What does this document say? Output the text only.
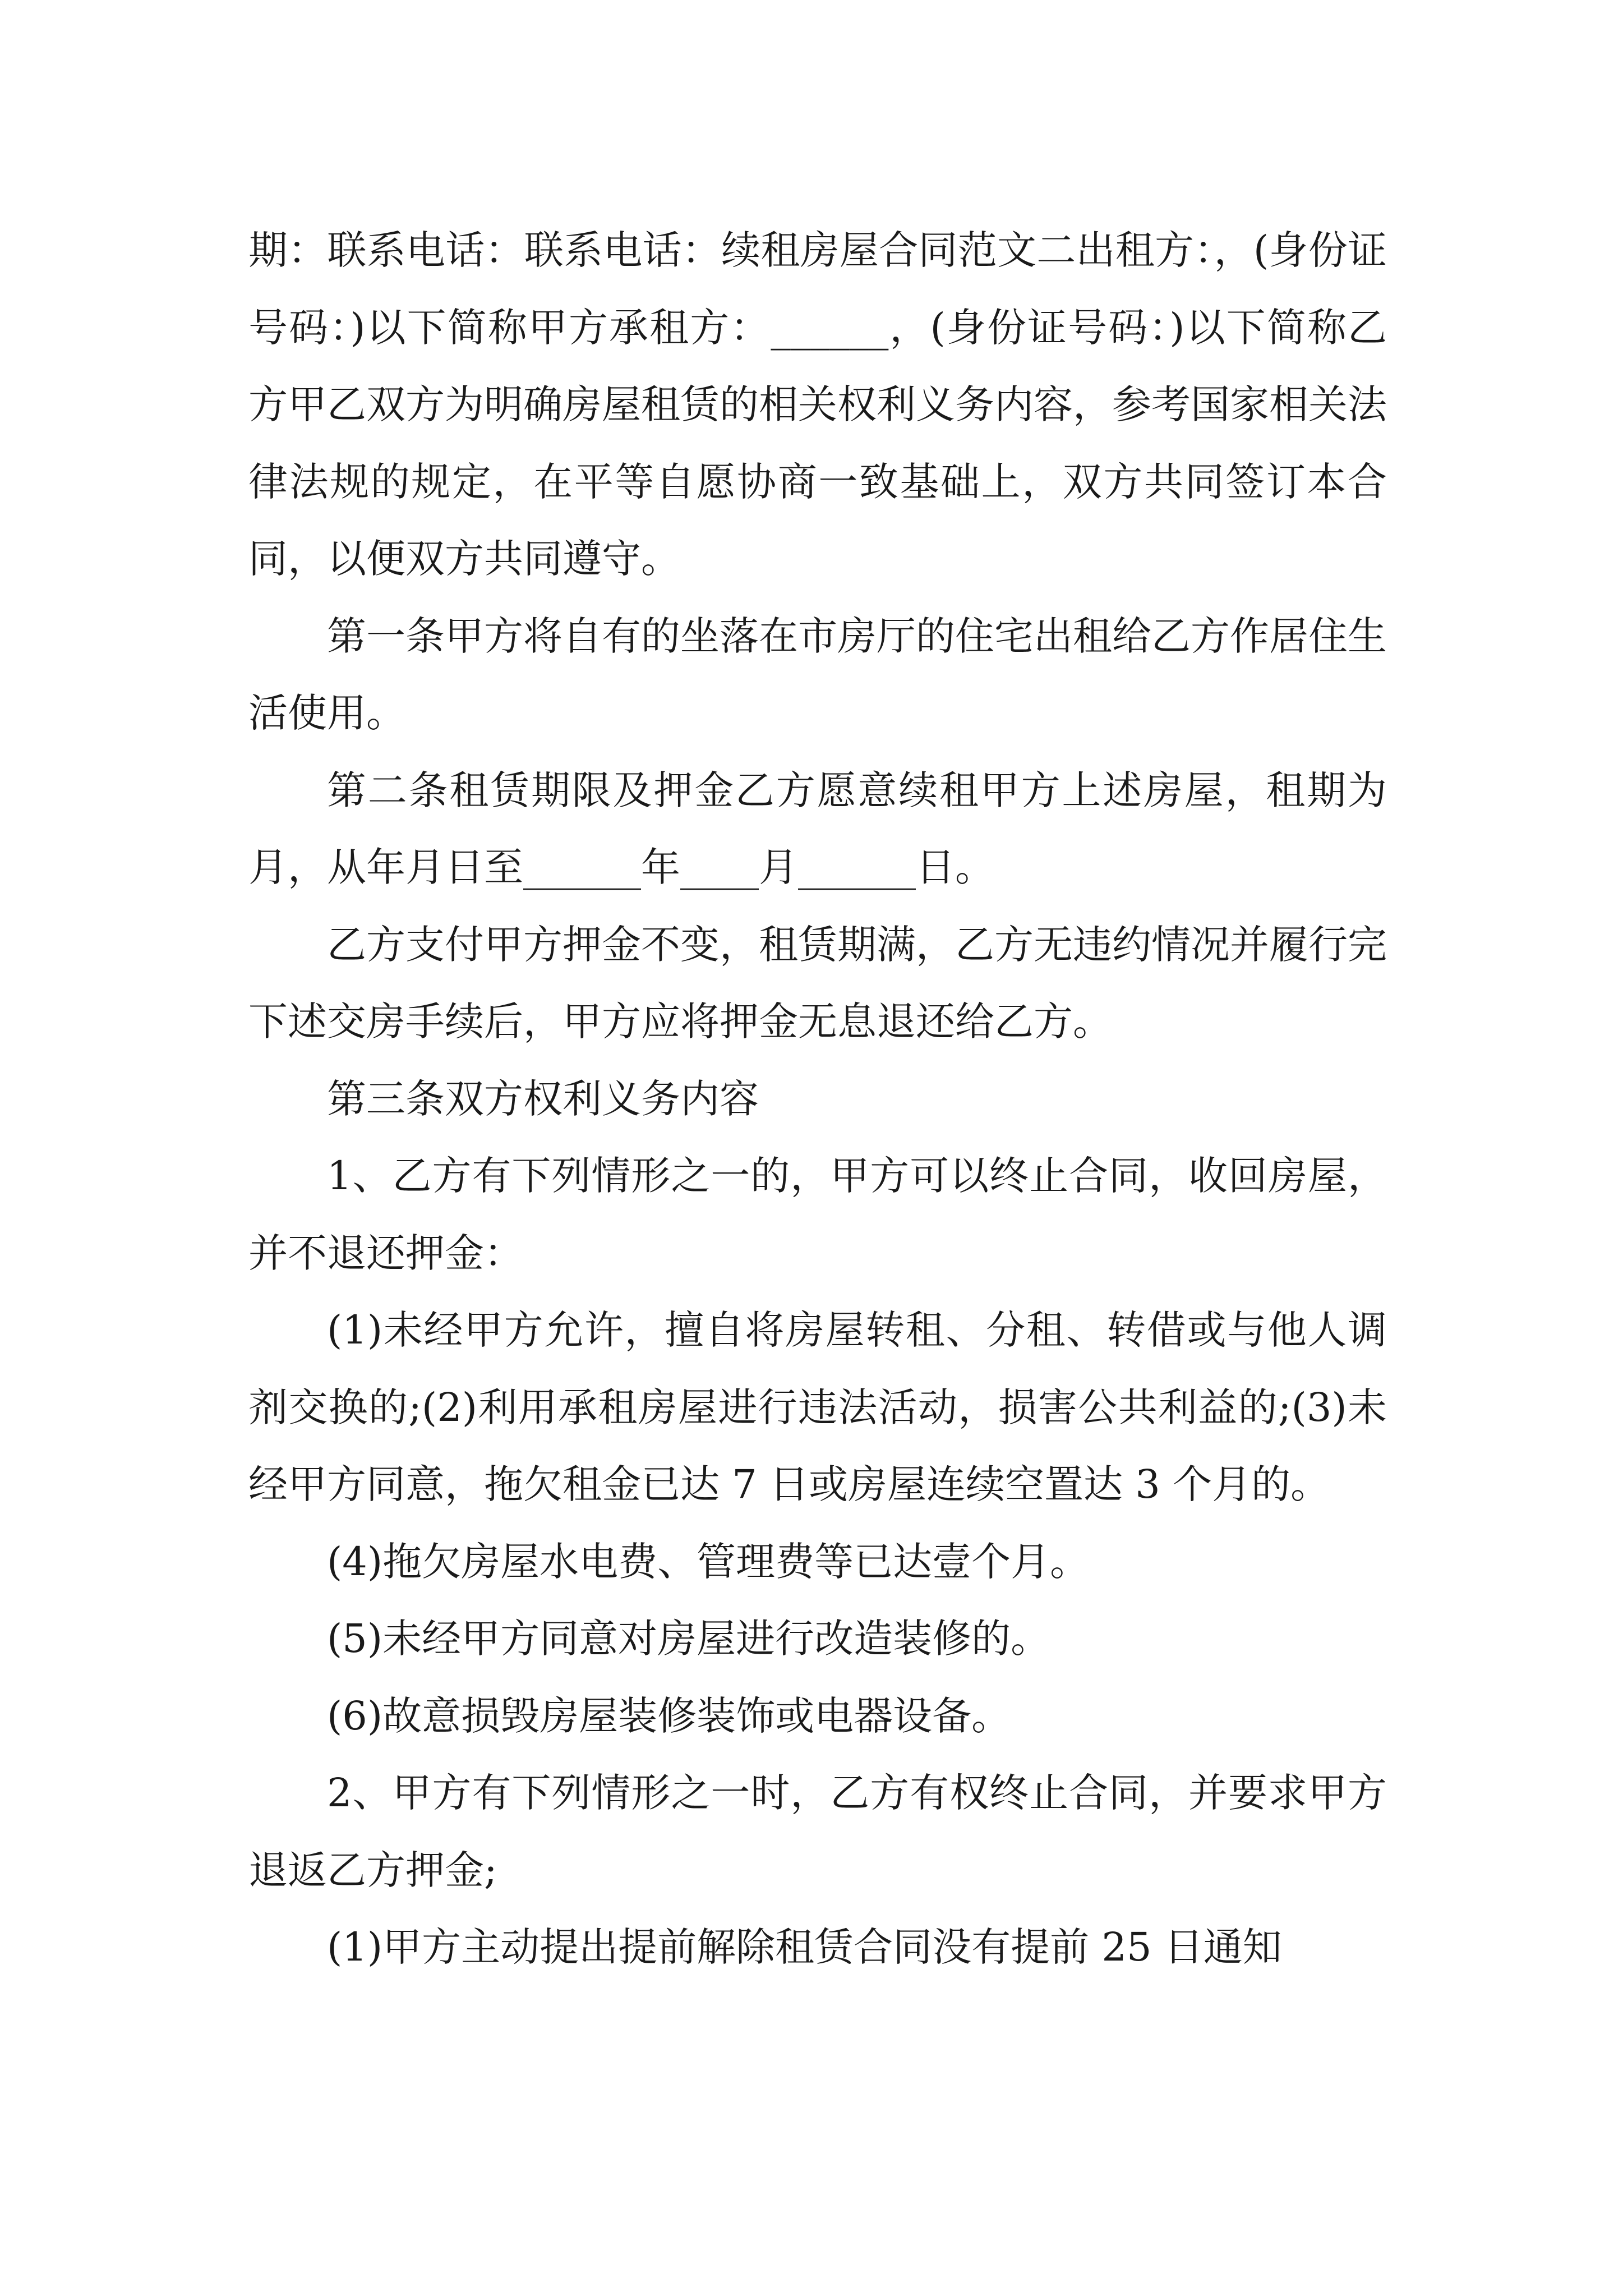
期：联系电话：联系电话：续租房屋合同范文二出租方：，(身份证号码：)以下简称甲方承租方：______，(身份证号码：)以下简称乙方甲乙双方为明确房屋租赁的相关权利义务内容，参考国家相关法律法规的规定，在平等自愿协商一致基础上，双方共同签订本合同，以便双方共同遵守。

第一条甲方将自有的坐落在市房厅的住宅出租给乙方作居住生活使用。

第二条租赁期限及押金乙方愿意续租甲方上述房屋，租期为月，从年月日至______年____月______日。

乙方支付甲方押金不变，租赁期满，乙方无违约情况并履行完下述交房手续后，甲方应将押金无息退还给乙方。

第三条双方权利义务内容

1、乙方有下列情形之一的，甲方可以终止合同，收回房屋，并不退还押金：

(1)未经甲方允许，擅自将房屋转租、分租、转借或与他人调剂交换的;(2)利用承租房屋进行违法活动，损害公共利益的;(3)未经甲方同意，拖欠租金已达 7 日或房屋连续空置达 3 个月的。

(4)拖欠房屋水电费、管理费等已达壹个月。

(5)未经甲方同意对房屋进行改造装修的。

(6)故意损毁房屋装修装饰或电器设备。

2、甲方有下列情形之一时，乙方有权终止合同，并要求甲方退返乙方押金;

(1)甲方主动提出提前解除租赁合同没有提前 25 日通知
